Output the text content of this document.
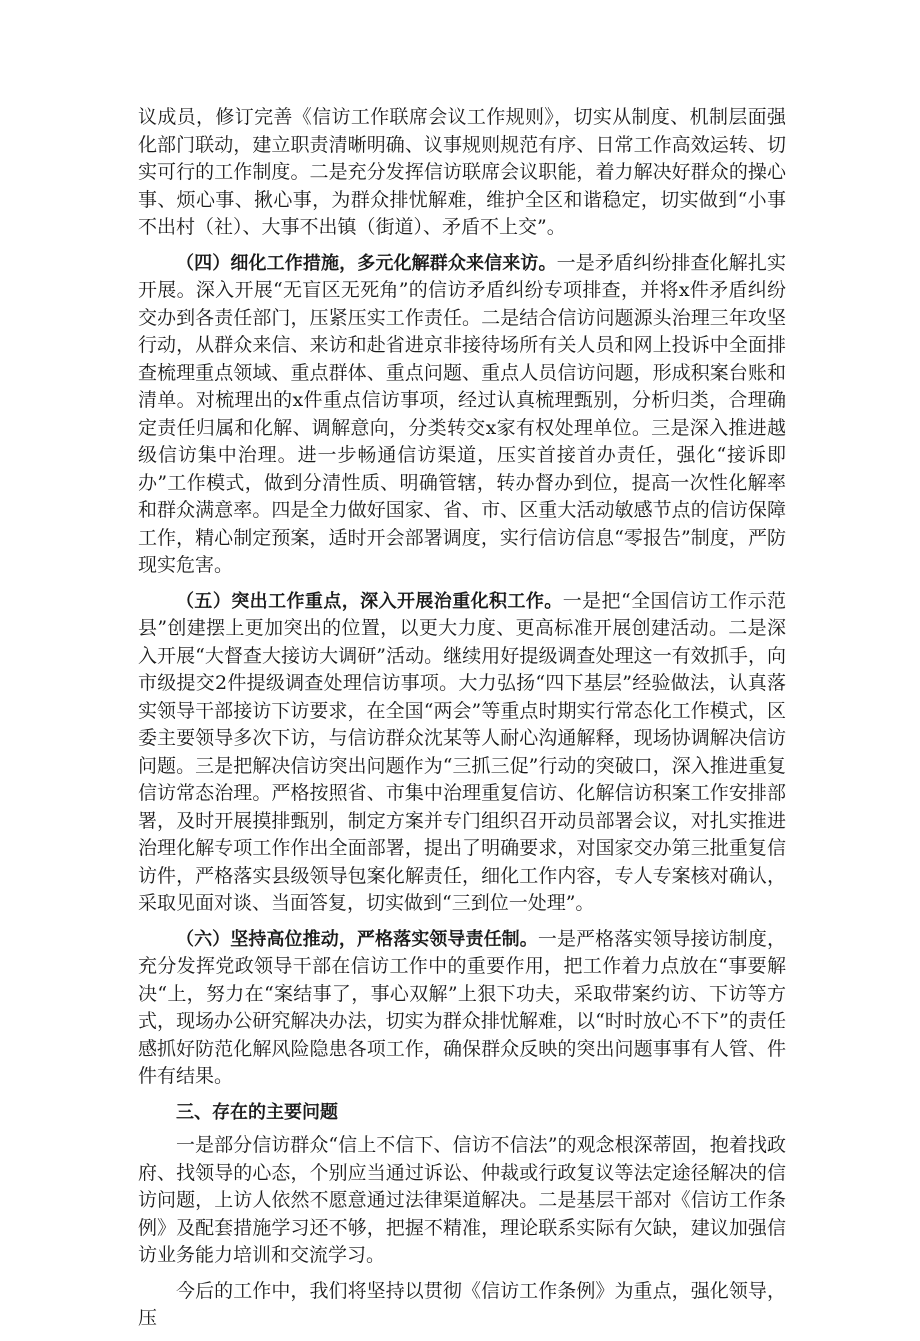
议成员，修订完善《信访工作联席会议工作规则》，切实从制度、机制层面强化部门联动，建立职责清晰明确、议事规则规范有序、日常工作高效运转、切实可行的工作制度。二是充分发挥信访联席会议职能，着力解决好群众的操心事、烦心事、揪心事，为群众排忧解难，维护全区和谐稳定，切实做到“小事不出村（社）、大事不出镇（街道）、矛盾不上交”。

（四）细化工作措施，多元化解群众来信来访。一是矛盾纠纷排查化解扎实开展。深入开展“无盲区无死角”的信访矛盾纠纷专项排查，并将x件矛盾纠纷交办到各责任部门，压紧压实工作责任。二是结合信访问题源头治理三年攻坚行动，从群众来信、来访和赴省进京非接待场所有关人员和网上投诉中全面排查梳理重点领域、重点群体、重点问题、重点人员信访问题，形成积案台账和清单。对梳理出的x件重点信访事项，经过认真梳理甄别，分析归类，合理确定责任归属和化解、调解意向，分类转交x家有权处理单位。三是深入推进越级信访集中治理。进一步畅通信访渠道，压实首接首办责任，强化“接诉即办”工作模式，做到分清性质、明确管辖，转办督办到位，提高一次性化解率和群众满意率。四是全力做好国家、省、市、区重大活动敏感节点的信访保障工作，精心制定预案，适时开会部署调度，实行信访信息“零报告”制度，严防现实危害。

（五）突出工作重点，深入开展治重化积工作。一是把“全国信访工作示范县”创建摆上更加突出的位置，以更大力度、更高标准开展创建活动。二是深入开展“大督查大接访大调研”活动。继续用好提级调查处理这一有效抓手，向市级提交2件提级调查处理信访事项。大力弘扬“四下基层”经验做法，认真落实领导干部接访下访要求，在全国“两会”等重点时期实行常态化工作模式，区委主要领导多次下访，与信访群众沈某等人耐心沟通解释，现场协调解决信访问题。三是把解决信访突出问题作为“三抓三促”行动的突破口，深入推进重复信访常态治理。严格按照省、市集中治理重复信访、化解信访积案工作安排部署，及时开展摸排甄别，制定方案并专门组织召开动员部署会议，对扎实推进治理化解专项工作作出全面部署，提出了明确要求，对国家交办第三批重复信访件，严格落实县级领导包案化解责任，细化工作内容，专人专案核对确认，采取见面对谈、当面答复，切实做到“三到位一处理”。

（六）坚持高位推动，严格落实领导责任制。一是严格落实领导接访制度，充分发挥党政领导干部在信访工作中的重要作用，把工作着力点放在“事要解决“上，努力在“案结事了，事心双解”上狠下功夫，采取带案约访、下访等方式，现场办公研究解决办法，切实为群众排忧解难，以“时时放心不下”的责任感抓好防范化解风险隐患各项工作，确保群众反映的突出问题事事有人管、件件有结果。

三、存在的主要问题

一是部分信访群众“信上不信下、信访不信法”的观念根深蒂固，抱着找政府、找领导的心态，个别应当通过诉讼、仲裁或行政复议等法定途径解决的信访问题，上访人依然不愿意通过法律渠道解决。二是基层干部对《信访工作条例》及配套措施学习还不够，把握不精准，理论联系实际有欠缺，建议加强信访业务能力培训和交流学习。

今后的工作中，我们将坚持以贯彻《信访工作条例》为重点，强化领导，压
